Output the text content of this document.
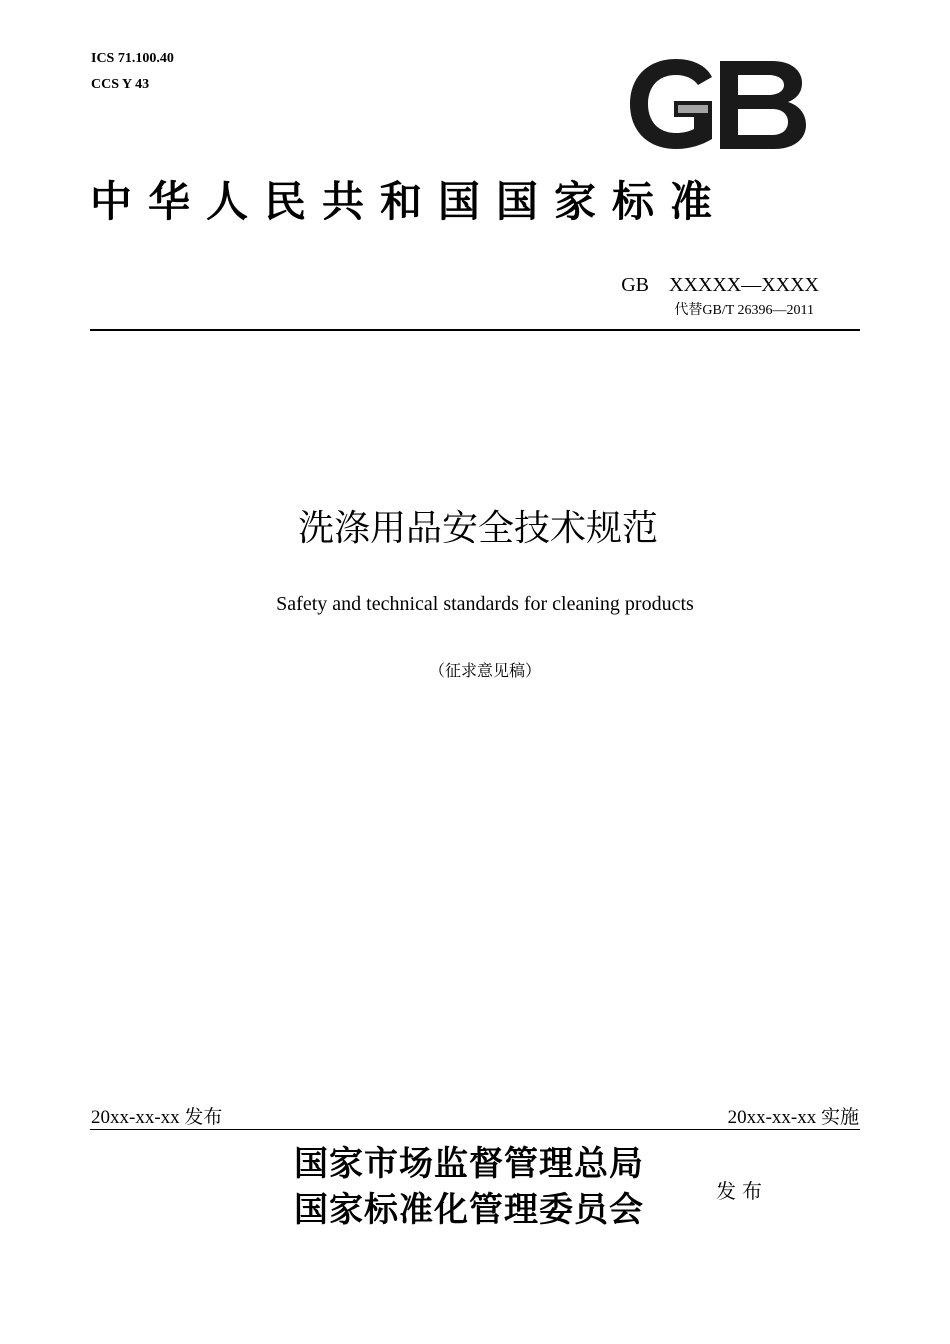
ICS 71.100.40
CCS Y 43
中华人民共和国国家标准
GB    XXXXX—XXXX
代替GB/T 26396—2011
洗涤用品安全技术规范
Safety and technical standards for cleaning products
（征求意见稿）
20xx-xx-xx 发布	20xx-xx-xx 实施
国家市场监督管理总局
国家标准化管理委员会	发布
